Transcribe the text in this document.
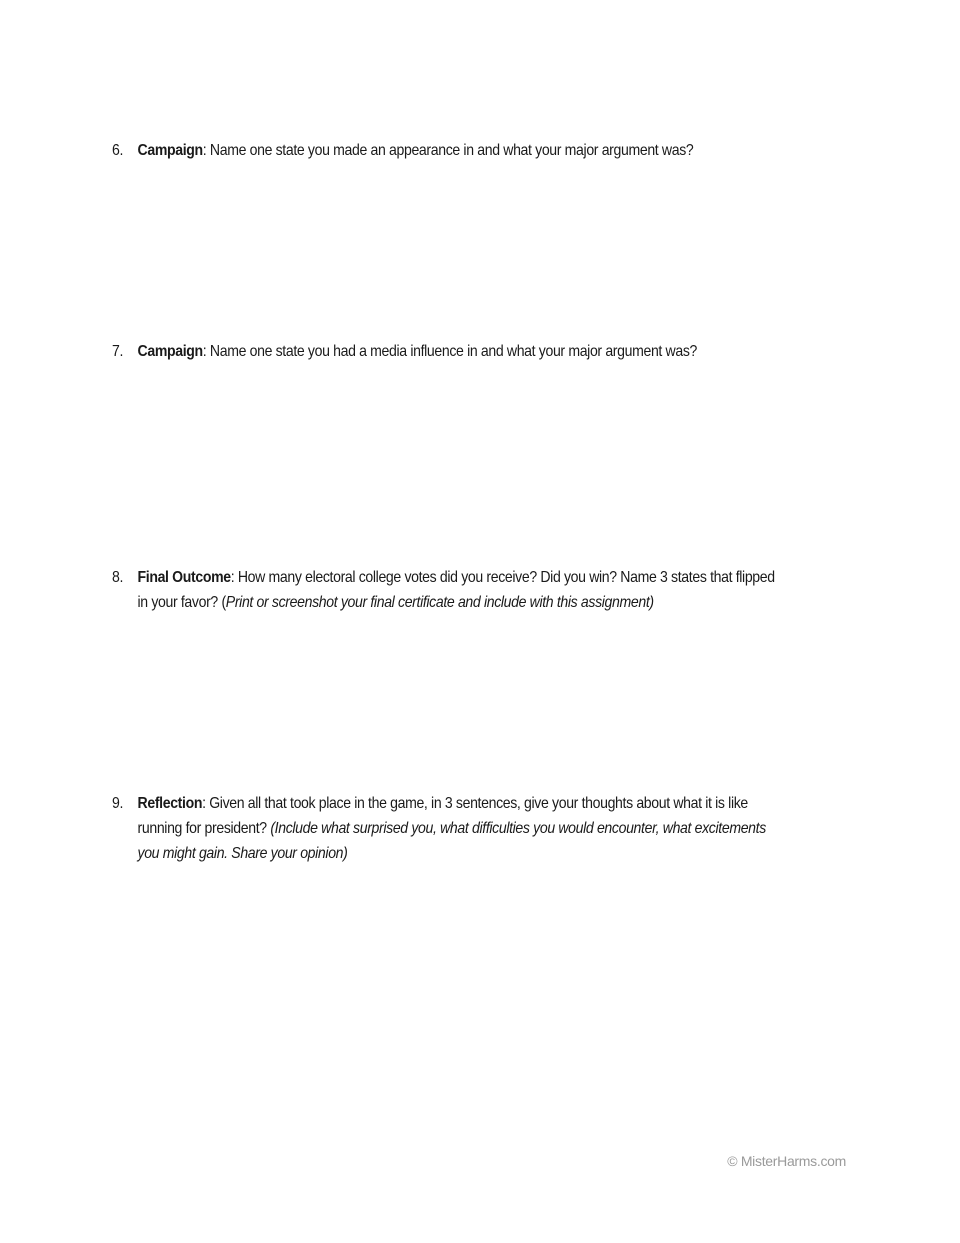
6. Campaign: Name one state you made an appearance in and what your major argument was?
7. Campaign: Name one state you had a media influence in and what your major argument was?
8. Final Outcome: How many electoral college votes did you receive? Did you win? Name 3 states that flipped in your favor? (Print or screenshot your final certificate and include with this assignment)
9. Reflection: Given all that took place in the game, in 3 sentences, give your thoughts about what it is like running for president? (Include what surprised you, what difficulties you would encounter, what excitements you might gain. Share your opinion)
© MisterHarms.com
